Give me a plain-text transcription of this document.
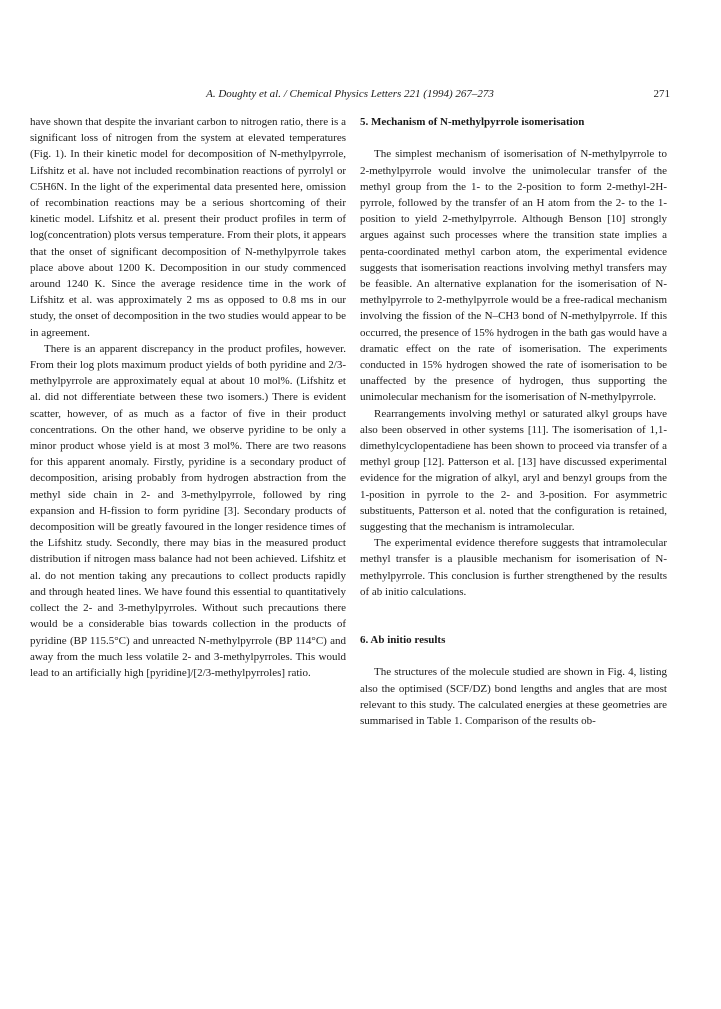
A. Doughty et al. / Chemical Physics Letters 221 (1994) 267–273	271

have shown that despite the invariant carbon to nitrogen ratio, there is a significant loss of nitrogen from the system at elevated temperatures (Fig. 1). In their kinetic model for decomposition of N-methylpyrrole, Lifshitz et al. have not included recombination reactions of pyrrolyl or C5H6N. In the light of the experimental data presented here, omission of recombination reactions may be a serious shortcoming of their kinetic model. Lifshitz et al. present their product profiles in term of log(concentration) plots versus temperature. From their plots, it appears that the onset of significant decomposition of N-methylpyrrole takes place above about 1200 K. Decomposition in our study commenced around 1240 K. Since the average residence time in the work of Lifshitz et al. was approximately 2 ms as opposed to 0.8 ms in our study, the onset of decomposition in the two studies would appear to be in agreement.

There is an apparent discrepancy in the product profiles, however. From their log plots maximum product yields of both pyridine and 2/3-methylpyrrole are approximately equal at about 10 mol%. (Lifshitz et al. did not differentiate between these two isomers.) There is evident scatter, however, of as much as a factor of five in their product concentrations. On the other hand, we observe pyridine to be only a minor product whose yield is at most 3 mol%. There are two reasons for this apparent anomaly. Firstly, pyridine is a secondary product of decomposition, arising probably from hydrogen abstraction from the methyl side chain in 2- and 3-methylpyrrole, followed by ring expansion and H-fission to form pyridine [3]. Secondary products of decomposition will be greatly favoured in the longer residence times of the Lifshitz study. Secondly, there may bias in the measured product distribution if nitrogen mass balance had not been achieved. Lifshitz et al. do not mention taking any precautions to collect products rapidly and through heated lines. We have found this essential to quantitatively collect the 2- and 3-methylpyrroles. Without such precautions there would be a considerable bias towards collection in the products of pyridine (BP 115.5°C) and unreacted N-methylpyrrole (BP 114°C) and away from the much less volatile 2- and 3-methylpyrroles. This would lead to an artificially high [pyridine]/[2/3-methylpyrroles] ratio.

5. Mechanism of N-methylpyrrole isomerisation

The simplest mechanism of isomerisation of N-methylpyrrole to 2-methylpyrrole would involve the unimolecular transfer of the methyl group from the 1- to the 2-position to form 2-methyl-2H-pyrrole, followed by the transfer of an H atom from the 2- to the 1-position to yield 2-methylpyrrole. Although Benson [10] strongly argues against such processes where the transition state implies a penta-coordinated methyl carbon atom, the experimental evidence suggests that isomerisation reactions involving methyl transfers may be feasible. An alternative explanation for the isomerisation of N-methylpyrrole to 2-methylpyrrole would be a free-radical mechanism involving the fission of the N–CH3 bond of N-methylpyrrole. If this occurred, the presence of 15% hydrogen in the bath gas would have a dramatic effect on the rate of isomerisation. The experiments conducted in 15% hydrogen showed the rate of isomerisation to be unaffected by the presence of hydrogen, thus supporting the unimolecular mechanism for the isomerisation of N-methylpyrrole.

Rearrangements involving methyl or saturated alkyl groups have also been observed in other systems [11]. The isomerisation of 1,1-dimethylcyclopentadiene has been shown to proceed via transfer of a methyl group [12]. Patterson et al. [13] have discussed experimental evidence for the migration of alkyl, aryl and benzyl groups from the 1-position in pyrrole to the 2- and 3-position. For asymmetric substituents, Patterson et al. noted that the configuration is retained, suggesting that the mechanism is intramolecular.

The experimental evidence therefore suggests that intramolecular methyl transfer is a plausible mechanism for isomerisation of N-methylpyrrole. This conclusion is further strengthened by the results of ab initio calculations.

6. Ab initio results

The structures of the molecule studied are shown in Fig. 4, listing also the optimised (SCF/DZ) bond lengths and angles that are most relevant to this study. The calculated energies at these geometries are summarised in Table 1. Comparison of the results ob-
